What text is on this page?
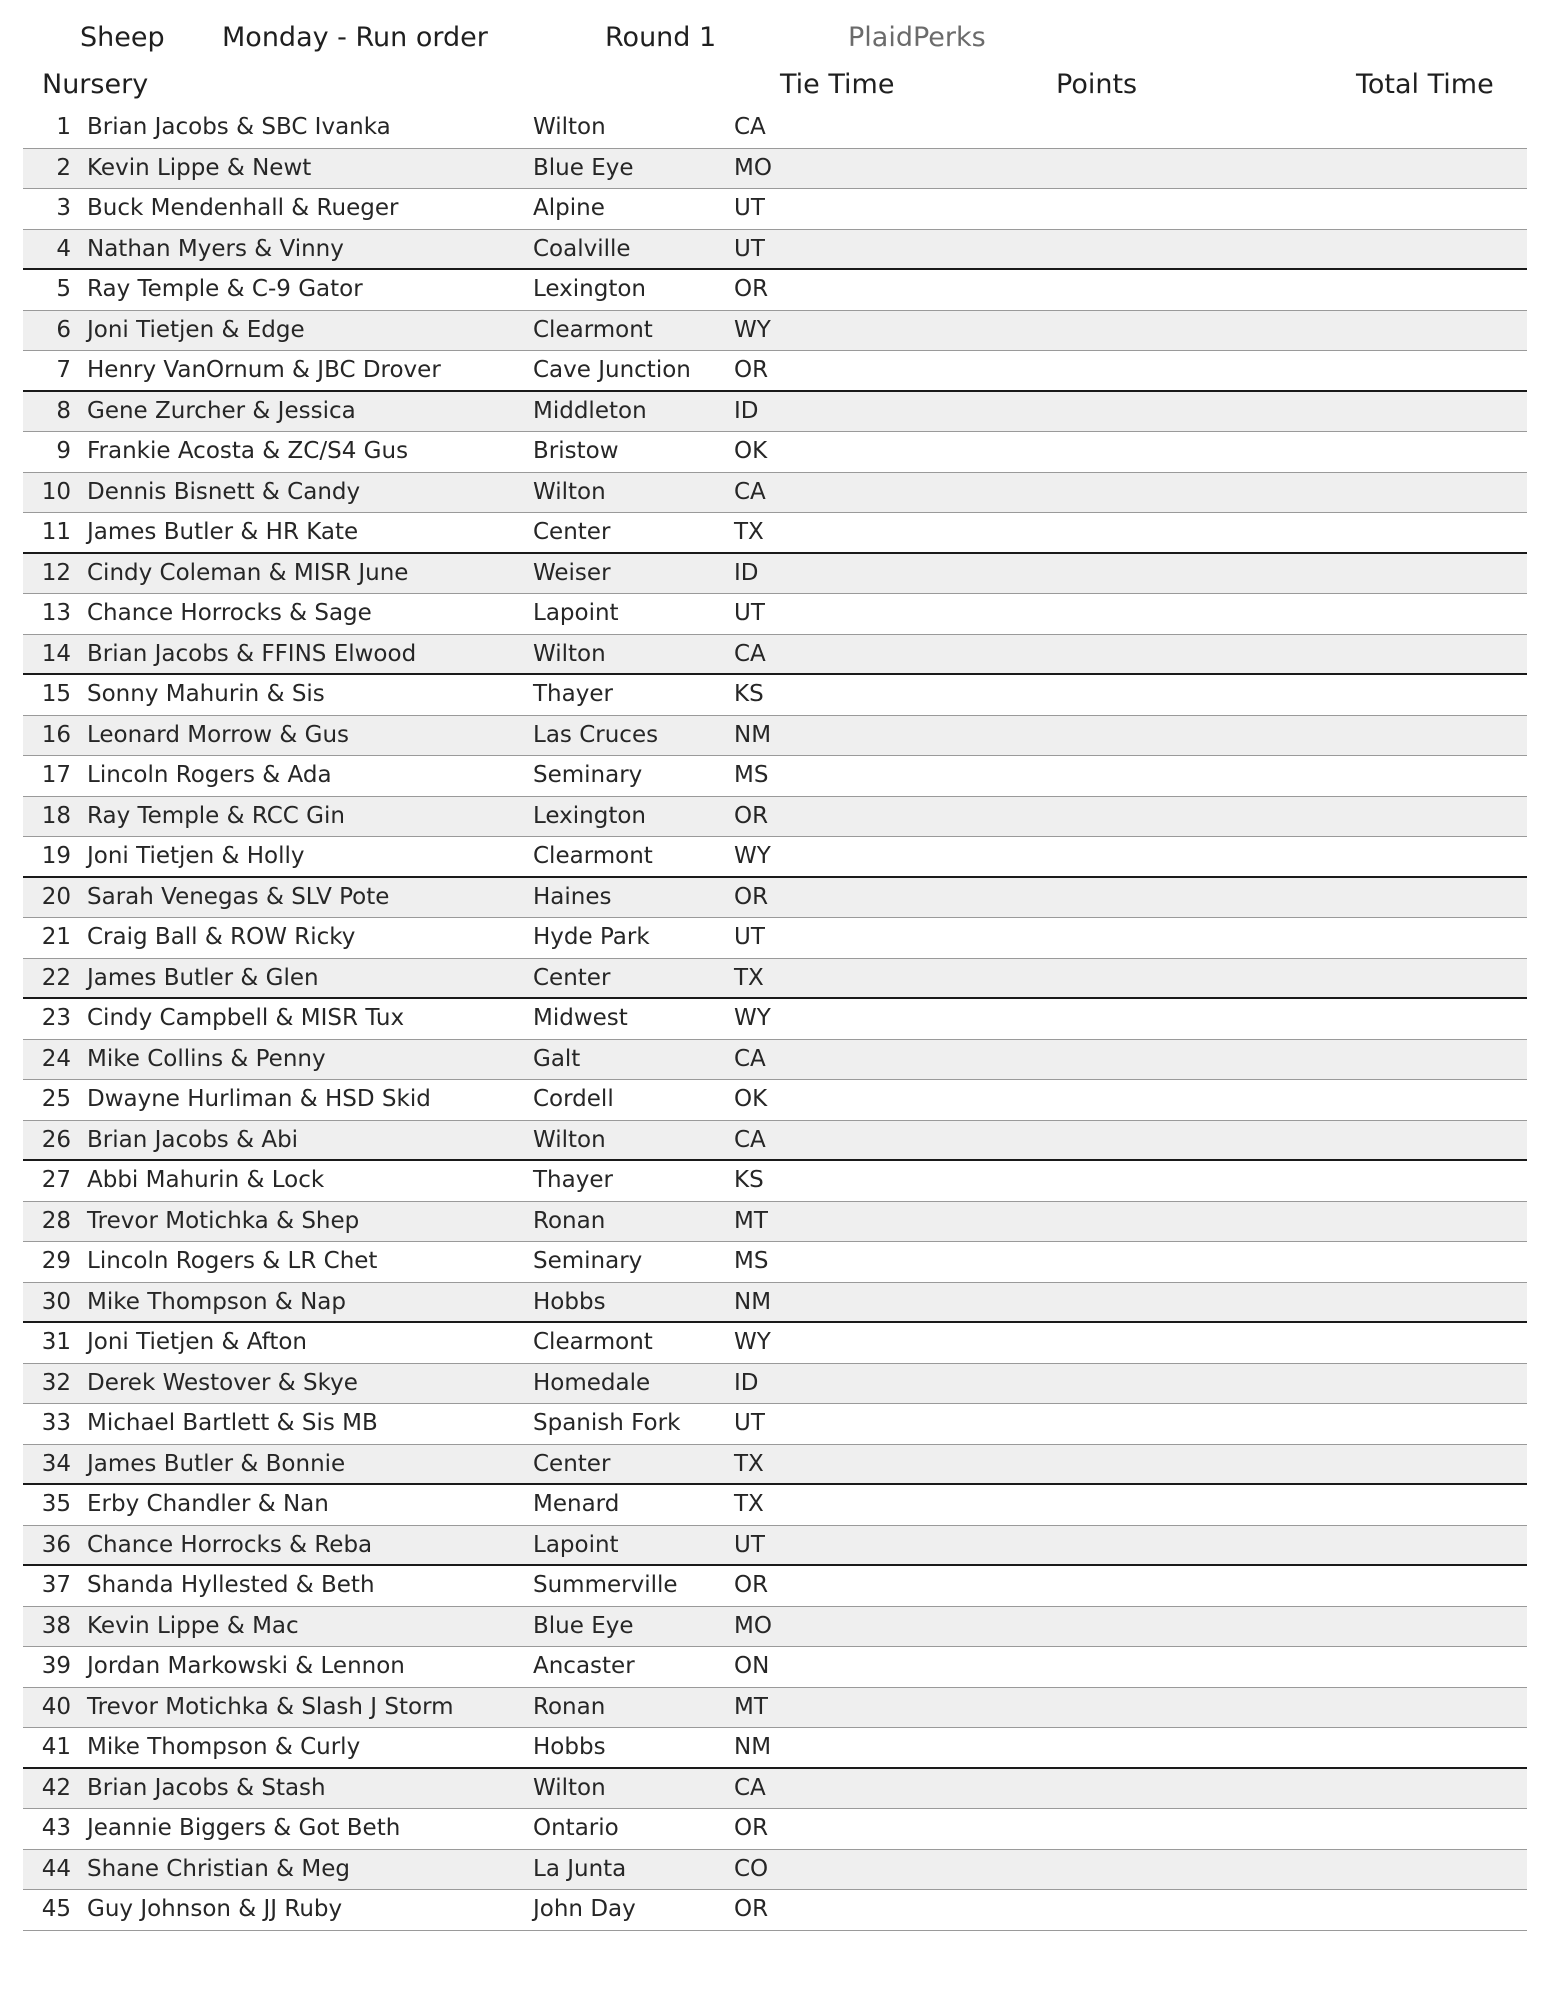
Sheep Monday - Run order	Round 1	PlaidPerks
Nursery	Tie Time	Points	Total Time
1 Brian Jacobs & SBC Ivanka	Wilton	CA
2 Kevin Lippe & Newt	Blue Eye	MO
3 Buck Mendenhall & Rueger	Alpine	UT
4 Nathan Myers & Vinny	Coalville	UT
5 Ray Temple & C-9 Gator	Lexington	OR
6 Joni Tietjen & Edge	Clearmont	WY
7 Henry VanOrnum & JBC Drover	Cave Junction OR
8 Gene Zurcher & Jessica	Middleton	ID
9 Frankie Acosta & ZC/S4 Gus	Bristow	OK
10 Dennis Bisnett & Candy	Wilton	CA
11 James Butler & HR Kate	Center	TX
12 Cindy Coleman & MISR June	Weiser	ID
13 Chance Horrocks & Sage	Lapoint	UT
14 Brian Jacobs & FFINS Elwood	Wilton	CA
15 Sonny Mahurin & Sis	Thayer	KS
16 Leonard Morrow & Gus	Las Cruces	NM
17 Lincoln Rogers & Ada	Seminary	MS
18 Ray Temple & RCC Gin	Lexington	OR
19 Joni Tietjen & Holly	Clearmont	WY
20 Sarah Venegas & SLV Pote	Haines	OR
21 Craig Ball & ROW Ricky	Hyde Park	UT
22 James Butler & Glen	Center	TX
23 Cindy Campbell & MISR Tux	Midwest	WY
24 Mike Collins & Penny	Galt	CA
25 Dwayne Hurliman & HSD Skid	Cordell	OK
26 Brian Jacobs & Abi	Wilton	CA
27 Abbi Mahurin & Lock	Thayer	KS
28 Trevor Motichka & Shep	Ronan	MT
29 Lincoln Rogers & LR Chet	Seminary	MS
30 Mike Thompson & Nap	Hobbs	NM
31 Joni Tietjen & Afton	Clearmont	WY
32 Derek Westover & Skye	Homedale	ID
33 Michael Bartlett & Sis MB	Spanish Fork UT
34 James Butler & Bonnie	Center	TX
35 Erby Chandler & Nan	Menard	TX
36 Chance Horrocks & Reba	Lapoint	UT
37 Shanda Hyllested & Beth	Summerville OR
38 Kevin Lippe & Mac	Blue Eye	MO
39 Jordan Markowski & Lennon	Ancaster	ON
40 Trevor Motichka & Slash J Storm	Ronan	MT
41 Mike Thompson & Curly	Hobbs	NM
42 Brian Jacobs & Stash	Wilton	CA
43 Jeannie Biggers & Got Beth	Ontario	OR
44 Shane Christian & Meg	La Junta	CO
45 Guy Johnson & JJ Ruby	John Day	OR
